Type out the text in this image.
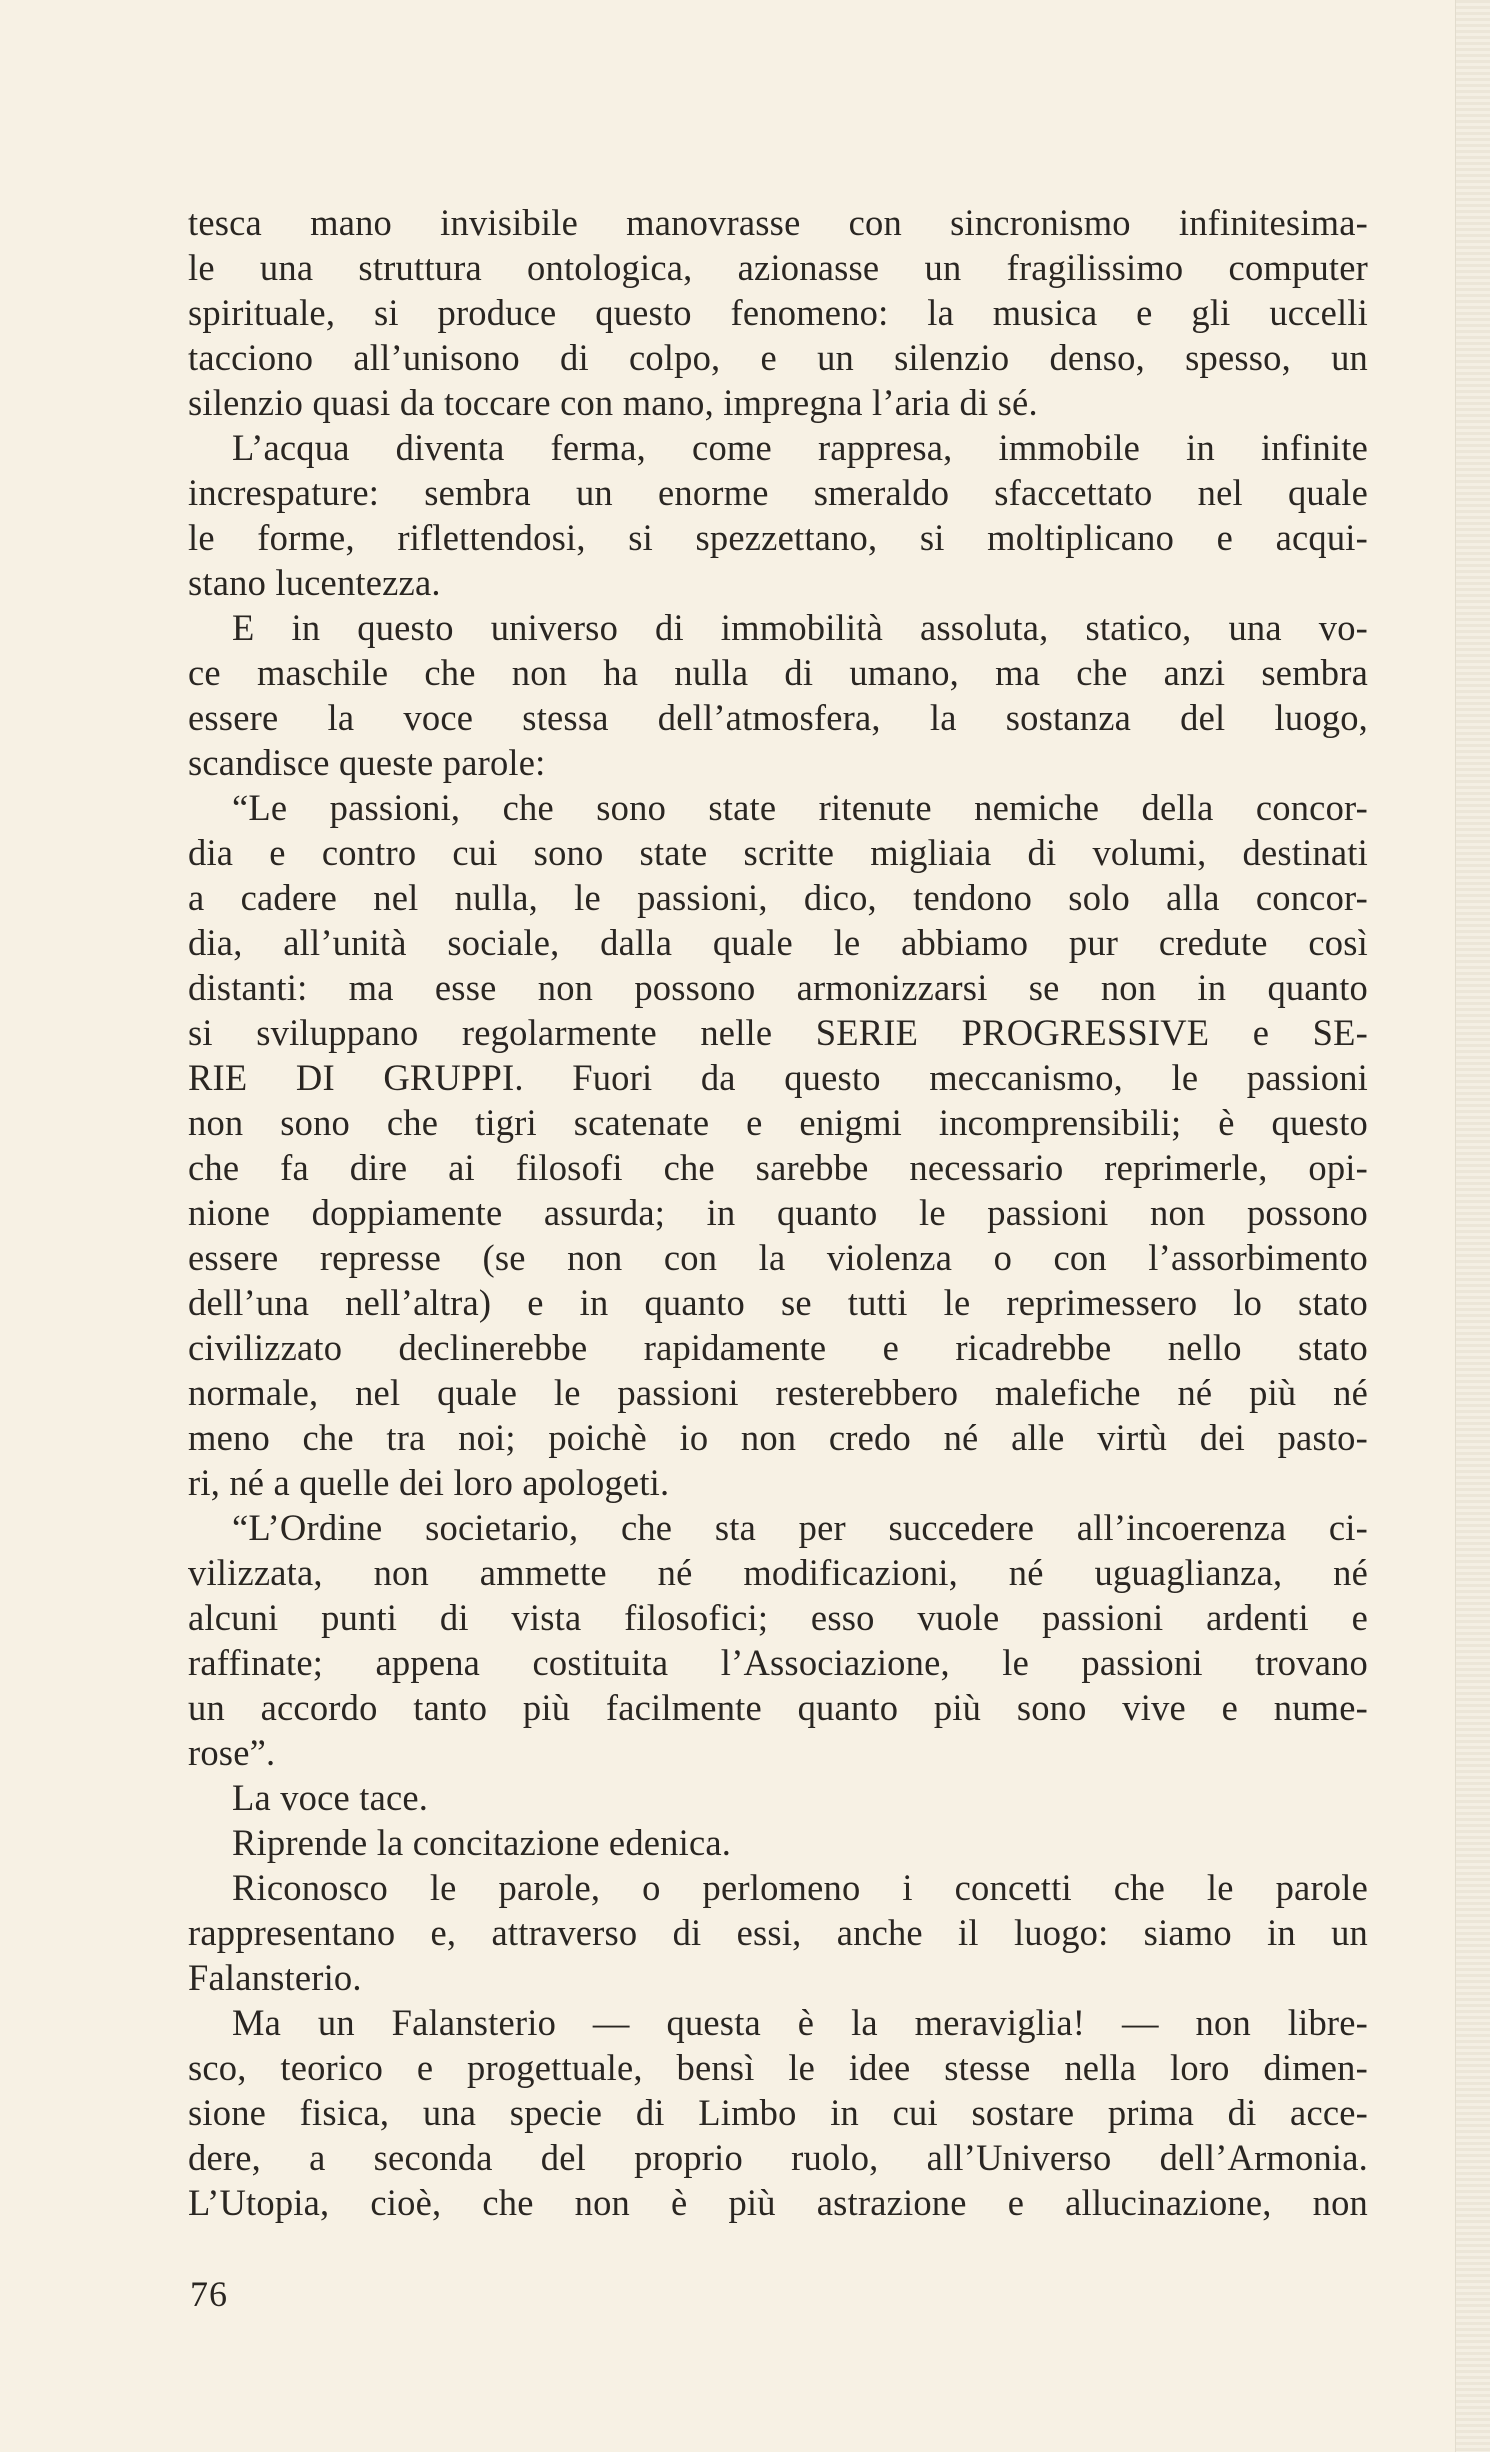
tesca mano invisibile manovrasse con sincronismo infinitesima-
le una struttura ontologica, azionasse un fragilissimo computer
spirituale, si produce questo fenomeno: la musica e gli uccelli
tacciono all’unisono di colpo, e un silenzio denso, spesso, un
silenzio quasi da toccare con mano, impregna l’aria di sé.
L’acqua diventa ferma, come rappresa, immobile in infinite
increspature: sembra un enorme smeraldo sfaccettato nel quale
le forme, riflettendosi, si spezzettano, si moltiplicano e acqui-
stano lucentezza.
E in questo universo di immobilità assoluta, statico, una vo-
ce maschile che non ha nulla di umano, ma che anzi sembra
essere la voce stessa dell’atmosfera, la sostanza del luogo,
scandisce queste parole:
“Le passioni, che sono state ritenute nemiche della concor-
dia e contro cui sono state scritte migliaia di volumi, destinati
a cadere nel nulla, le passioni, dico, tendono solo alla concor-
dia, all’unità sociale, dalla quale le abbiamo pur credute così
distanti: ma esse non possono armonizzarsi se non in quanto
si sviluppano regolarmente nelle SERIE PROGRESSIVE e SE-
RIE DI GRUPPI. Fuori da questo meccanismo, le passioni
non sono che tigri scatenate e enigmi incomprensibili; è questo
che fa dire ai filosofi che sarebbe necessario reprimerle, opi-
nione doppiamente assurda; in quanto le passioni non possono
essere represse (se non con la violenza o con l’assorbimento
dell’una nell’altra) e in quanto se tutti le reprimessero lo stato
civilizzato declinerebbe rapidamente e ricadrebbe nello stato
normale, nel quale le passioni resterebbero malefiche né più né
meno che tra noi; poichè io non credo né alle virtù dei pasto-
ri, né a quelle dei loro apologeti.
“L’Ordine societario, che sta per succedere all’incoerenza ci-
vilizzata, non ammette né modificazioni, né uguaglianza, né
alcuni punti di vista filosofici; esso vuole passioni ardenti e
raffinate; appena costituita l’Associazione, le passioni trovano
un accordo tanto più facilmente quanto più sono vive e nume-
rose”.
La voce tace.
Riprende la concitazione edenica.
Riconosco le parole, o perlomeno i concetti che le parole
rappresentano e, attraverso di essi, anche il luogo: siamo in un
Falansterio.
Ma un Falansterio — questa è la meraviglia! — non libre-
sco, teorico e progettuale, bensì le idee stesse nella loro dimen-
sione fisica, una specie di Limbo in cui sostare prima di acce-
dere, a seconda del proprio ruolo, all’Universo dell’Armonia.
L’Utopia, cioè, che non è più astrazione e allucinazione, non
76
